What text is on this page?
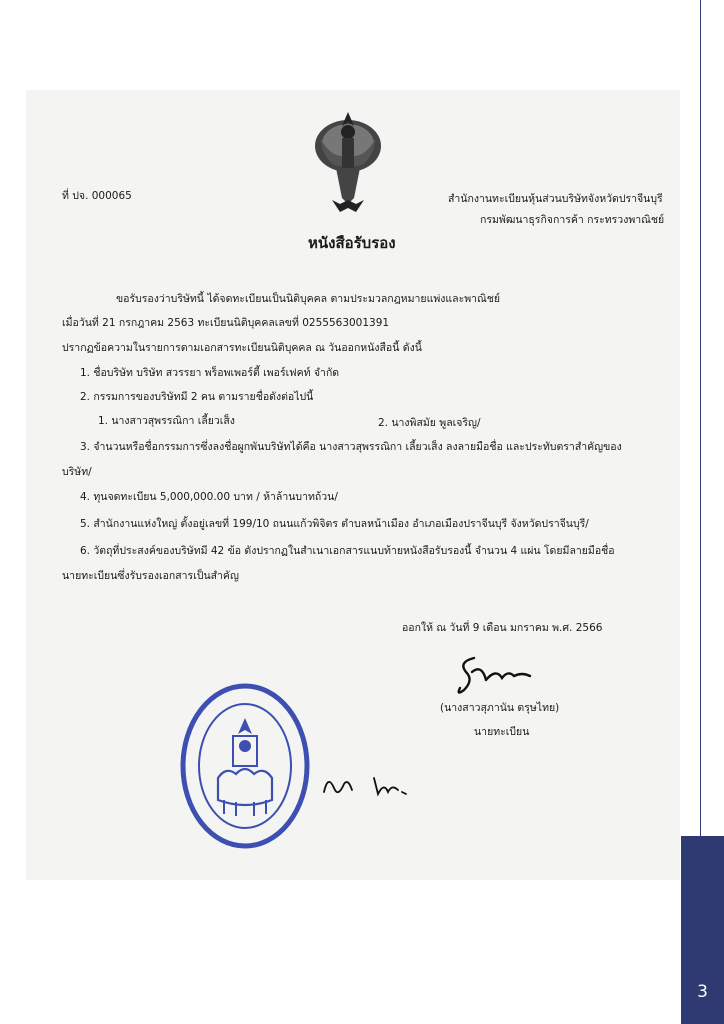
ที่ ปจ. 000065	สำนักงานทะเบียนหุ้นส่วนบริษัทจังหวัดปราจีนบุรี
กรมพัฒนาธุรกิจการค้า กระทรวงพาณิชย์
หนังสือรับรอง
ขอรับรองว่าบริษัทนี้ ได้จดทะเบียนเป็นนิติบุคคล ตามประมวลกฎหมายแพ่งและพาณิชย์
เมื่อวันที่ 21 กรกฎาคม 2563 ทะเบียนนิติบุคคลเลขที่ 0255563001391
ปรากฏข้อความในรายการตามเอกสารทะเบียนนิติบุคคล ณ วันออกหนังสือนี้ ดังนี้
1. ชื่อบริษัท บริษัท สวรรยา พร็อพเพอร์ตี้ เพอร์เฟคท์ จำกัด
2. กรรมการของบริษัทมี 2 คน ตามรายชื่อดังต่อไปนี้
1. นางสาวสุพรรณิกา เลี้ยวเส็ง	2. นางพิสมัย พูลเจริญ/
3. จำนวนหรือชื่อกรรมการซึ่งลงชื่อผูกพันบริษัทได้คือ นางสาวสุพรรณิกา เลี้ยวเส็ง ลงลายมือชื่อ และประทับตราสำคัญของ
บริษัท/
4. ทุนจดทะเบียน 5,000,000.00 บาท / ห้าล้านบาทถ้วน/
5. สำนักงานแห่งใหญ่ ตั้งอยู่เลขที่ 199/10 ถนนแก้วพิจิตร ตำบลหน้าเมือง อำเภอเมืองปราจีนบุรี จังหวัดปราจีนบุรี/
6. วัตถุที่ประสงค์ของบริษัทมี 42 ข้อ ดังปรากฏในสำเนาเอกสารแนบท้ายหนังสือรับรองนี้ จำนวน 4 แผ่น โดยมีลายมือชื่อ
นายทะเบียนซึ่งรับรองเอกสารเป็นสำคัญ
ออกให้ ณ วันที่ 9 เดือน มกราคม พ.ศ. 2566
(นางสาวสุภานัน ตรุษไทย)
นายทะเบียน
3
